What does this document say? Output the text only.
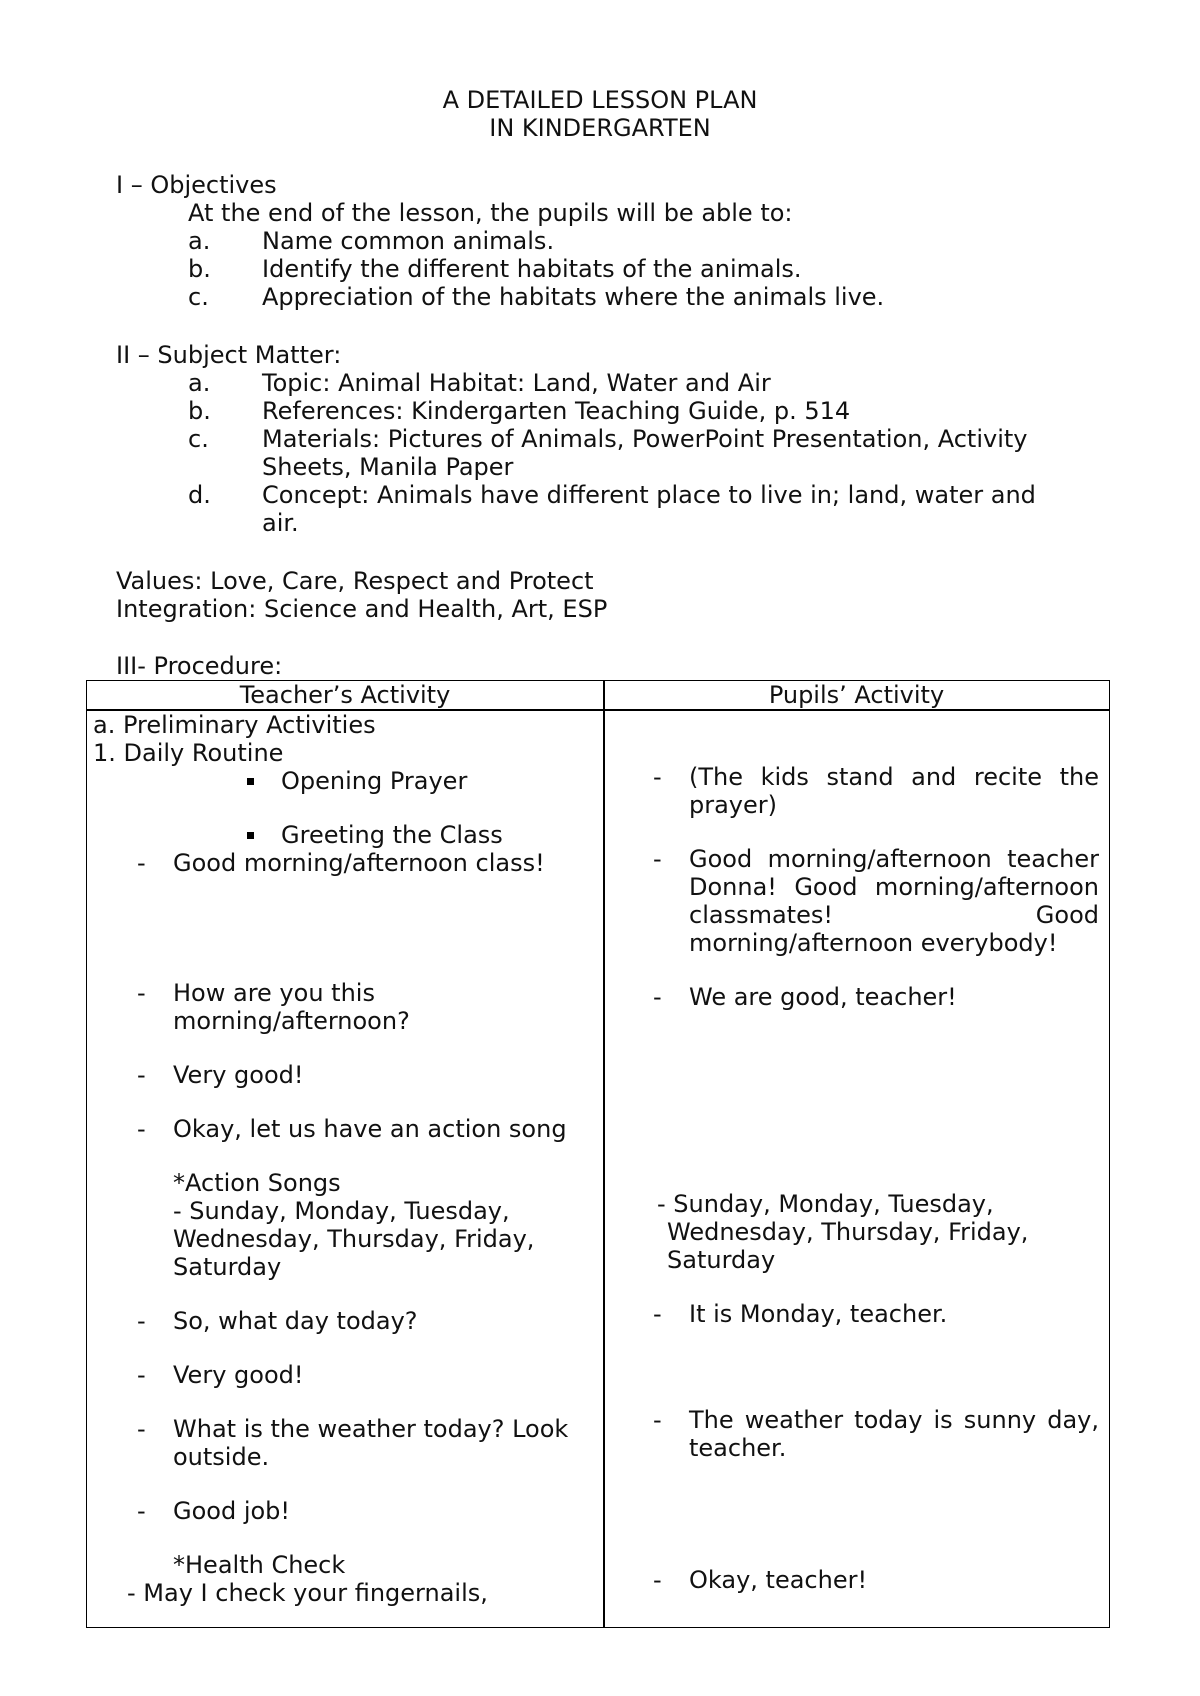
A DETAILED LESSON PLAN
IN KINDERGARTEN
I – Objectives
At the end of the lesson, the pupils will be able to:
a. Name common animals.
b. Identify the different habitats of the animals.
c. Appreciation of the habitats where the animals live.
II – Subject Matter:
a. Topic: Animal Habitat: Land, Water and Air
b. References: Kindergarten Teaching Guide, p. 514
c. Materials: Pictures of Animals, PowerPoint Presentation, Activity
Sheets, Manila Paper
d. Concept: Animals have different place to live in; land, water and
air.
Values: Love, Care, Respect and Protect
Integration: Science and Health, Art, ESP
III- Procedure:
Teacher’s Activity	Pupils’ Activity
a. Preliminary Activities
1. Daily Routine
Opening Prayer
Greeting the Class
- Good morning/afternoon class!
- How are you this
morning/afternoon?
- Very good!
- Okay, let us have an action song
*Action Songs
- Sunday, Monday, Tuesday,
Wednesday, Thursday, Friday,
Saturday
- So, what day today?
- Very good!
- What is the weather today? Look
outside.
- Good job!
*Health Check
- May I check your fingernails,
- (The kids stand and recite the
prayer)
- Good morning/afternoon teacher
Donna! Good morning/afternoon
classmates!	Good
morning/afternoon everybody!
- We are good, teacher!
- Sunday, Monday, Tuesday,
Wednesday, Thursday, Friday,
Saturday
- It is Monday, teacher.
- The weather today is sunny day,
teacher.
- Okay, teacher!
